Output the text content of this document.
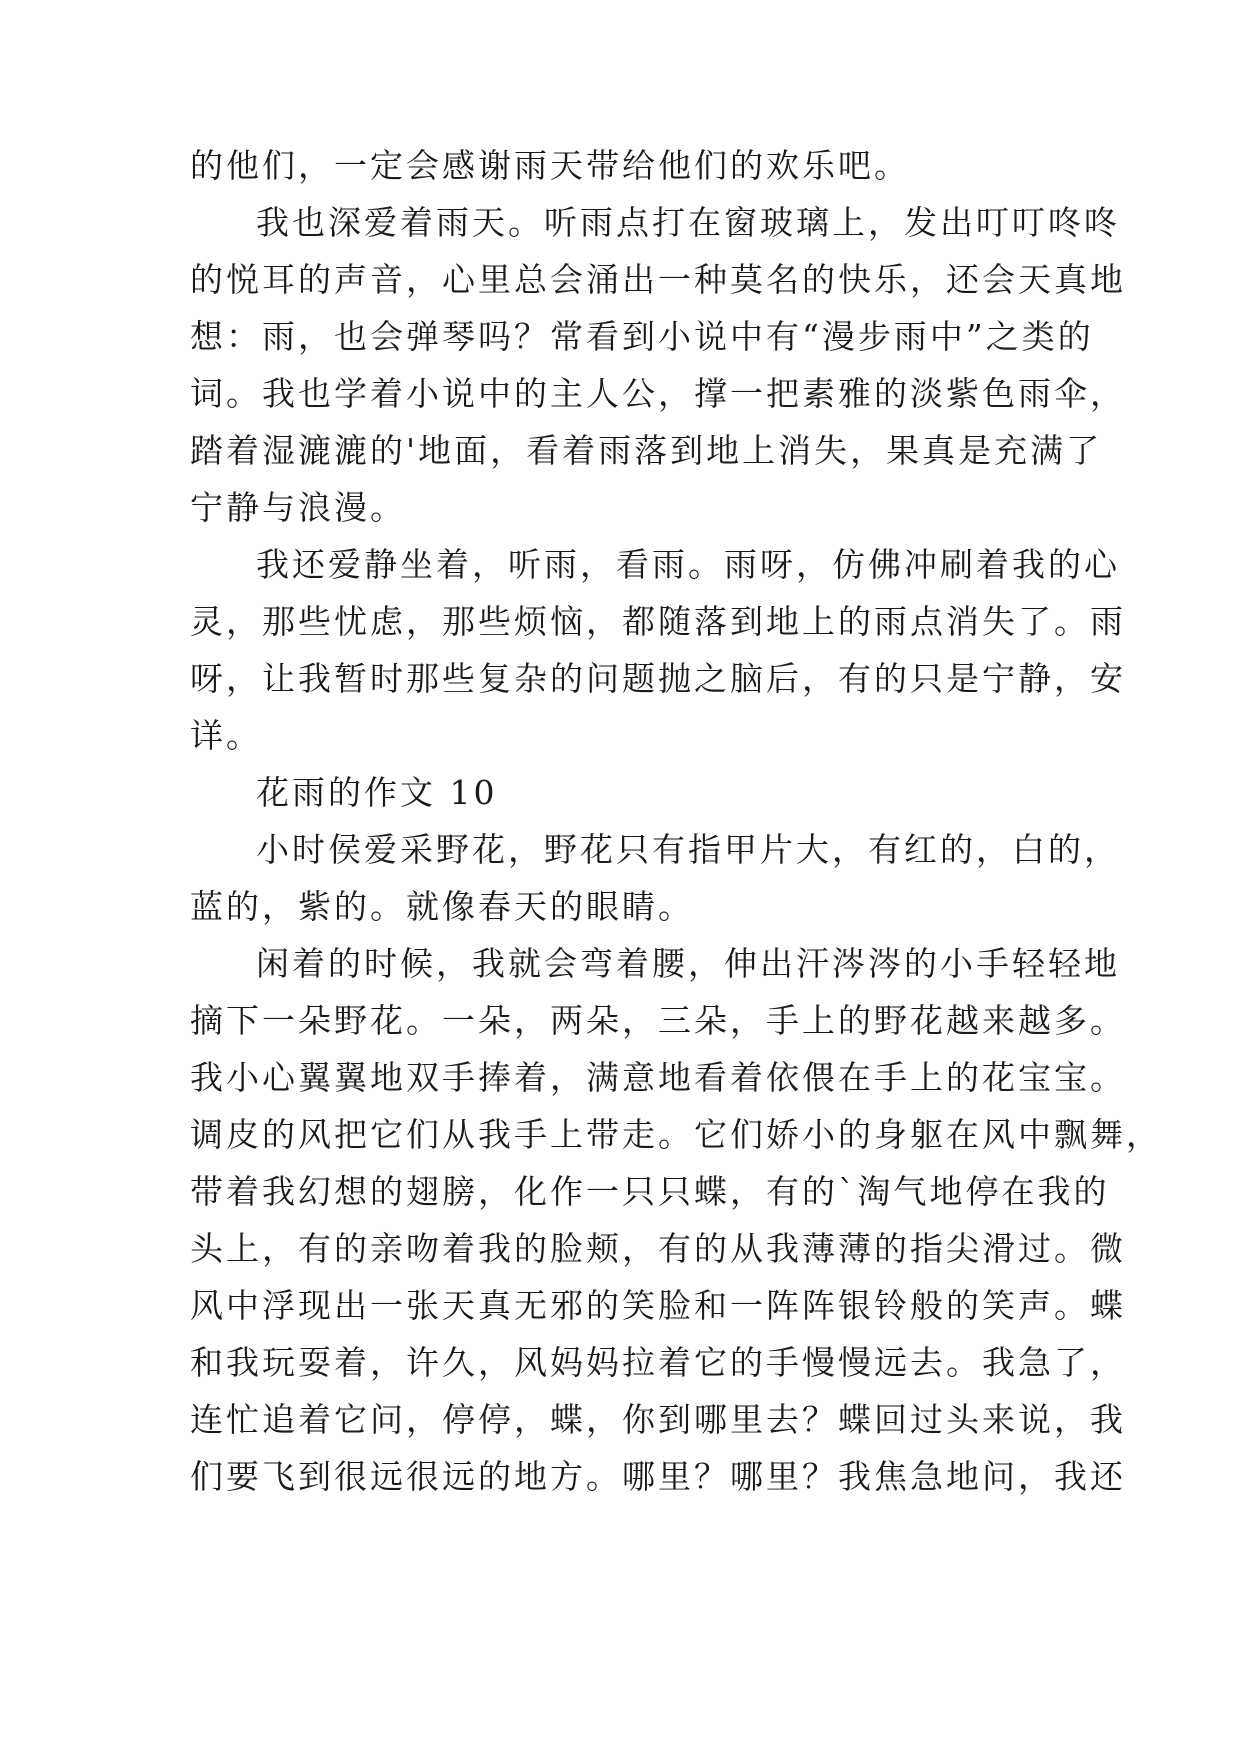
的他们，一定会感谢雨天带给他们的欢乐吧。
我也深爱着雨天。听雨点打在窗玻璃上，发出叮叮咚咚
的悦耳的声音，心里总会涌出一种莫名的快乐，还会天真地
想：雨，也会弹琴吗？常看到小说中有“漫步雨中”之类的
词。我也学着小说中的主人公，撑一把素雅的淡紫色雨伞，
踏着湿漉漉的'地面，看着雨落到地上消失，果真是充满了
宁静与浪漫。
我还爱静坐着，听雨，看雨。雨呀，仿佛冲刷着我的心
灵，那些忧虑，那些烦恼，都随落到地上的雨点消失了。雨
呀，让我暂时那些复杂的问题抛之脑后，有的只是宁静，安
详。
花雨的作文 10
小时侯爱采野花，野花只有指甲片大，有红的，白的，
蓝的，紫的。就像春天的眼睛。
闲着的时候，我就会弯着腰，伸出汗涔涔的小手轻轻地
摘下一朵野花。一朵，两朵，三朵，手上的野花越来越多。
我小心翼翼地双手捧着，满意地看着依偎在手上的花宝宝。
调皮的风把它们从我手上带走。它们娇小的身躯在风中飘舞，
带着我幻想的翅膀，化作一只只蝶，有的`淘气地停在我的
头上，有的亲吻着我的脸颊，有的从我薄薄的指尖滑过。微
风中浮现出一张天真无邪的笑脸和一阵阵银铃般的笑声。蝶
和我玩耍着，许久，风妈妈拉着它的手慢慢远去。我急了，
连忙追着它问，停停，蝶，你到哪里去？蝶回过头来说，我
们要飞到很远很远的地方。哪里？哪里？我焦急地问，我还
